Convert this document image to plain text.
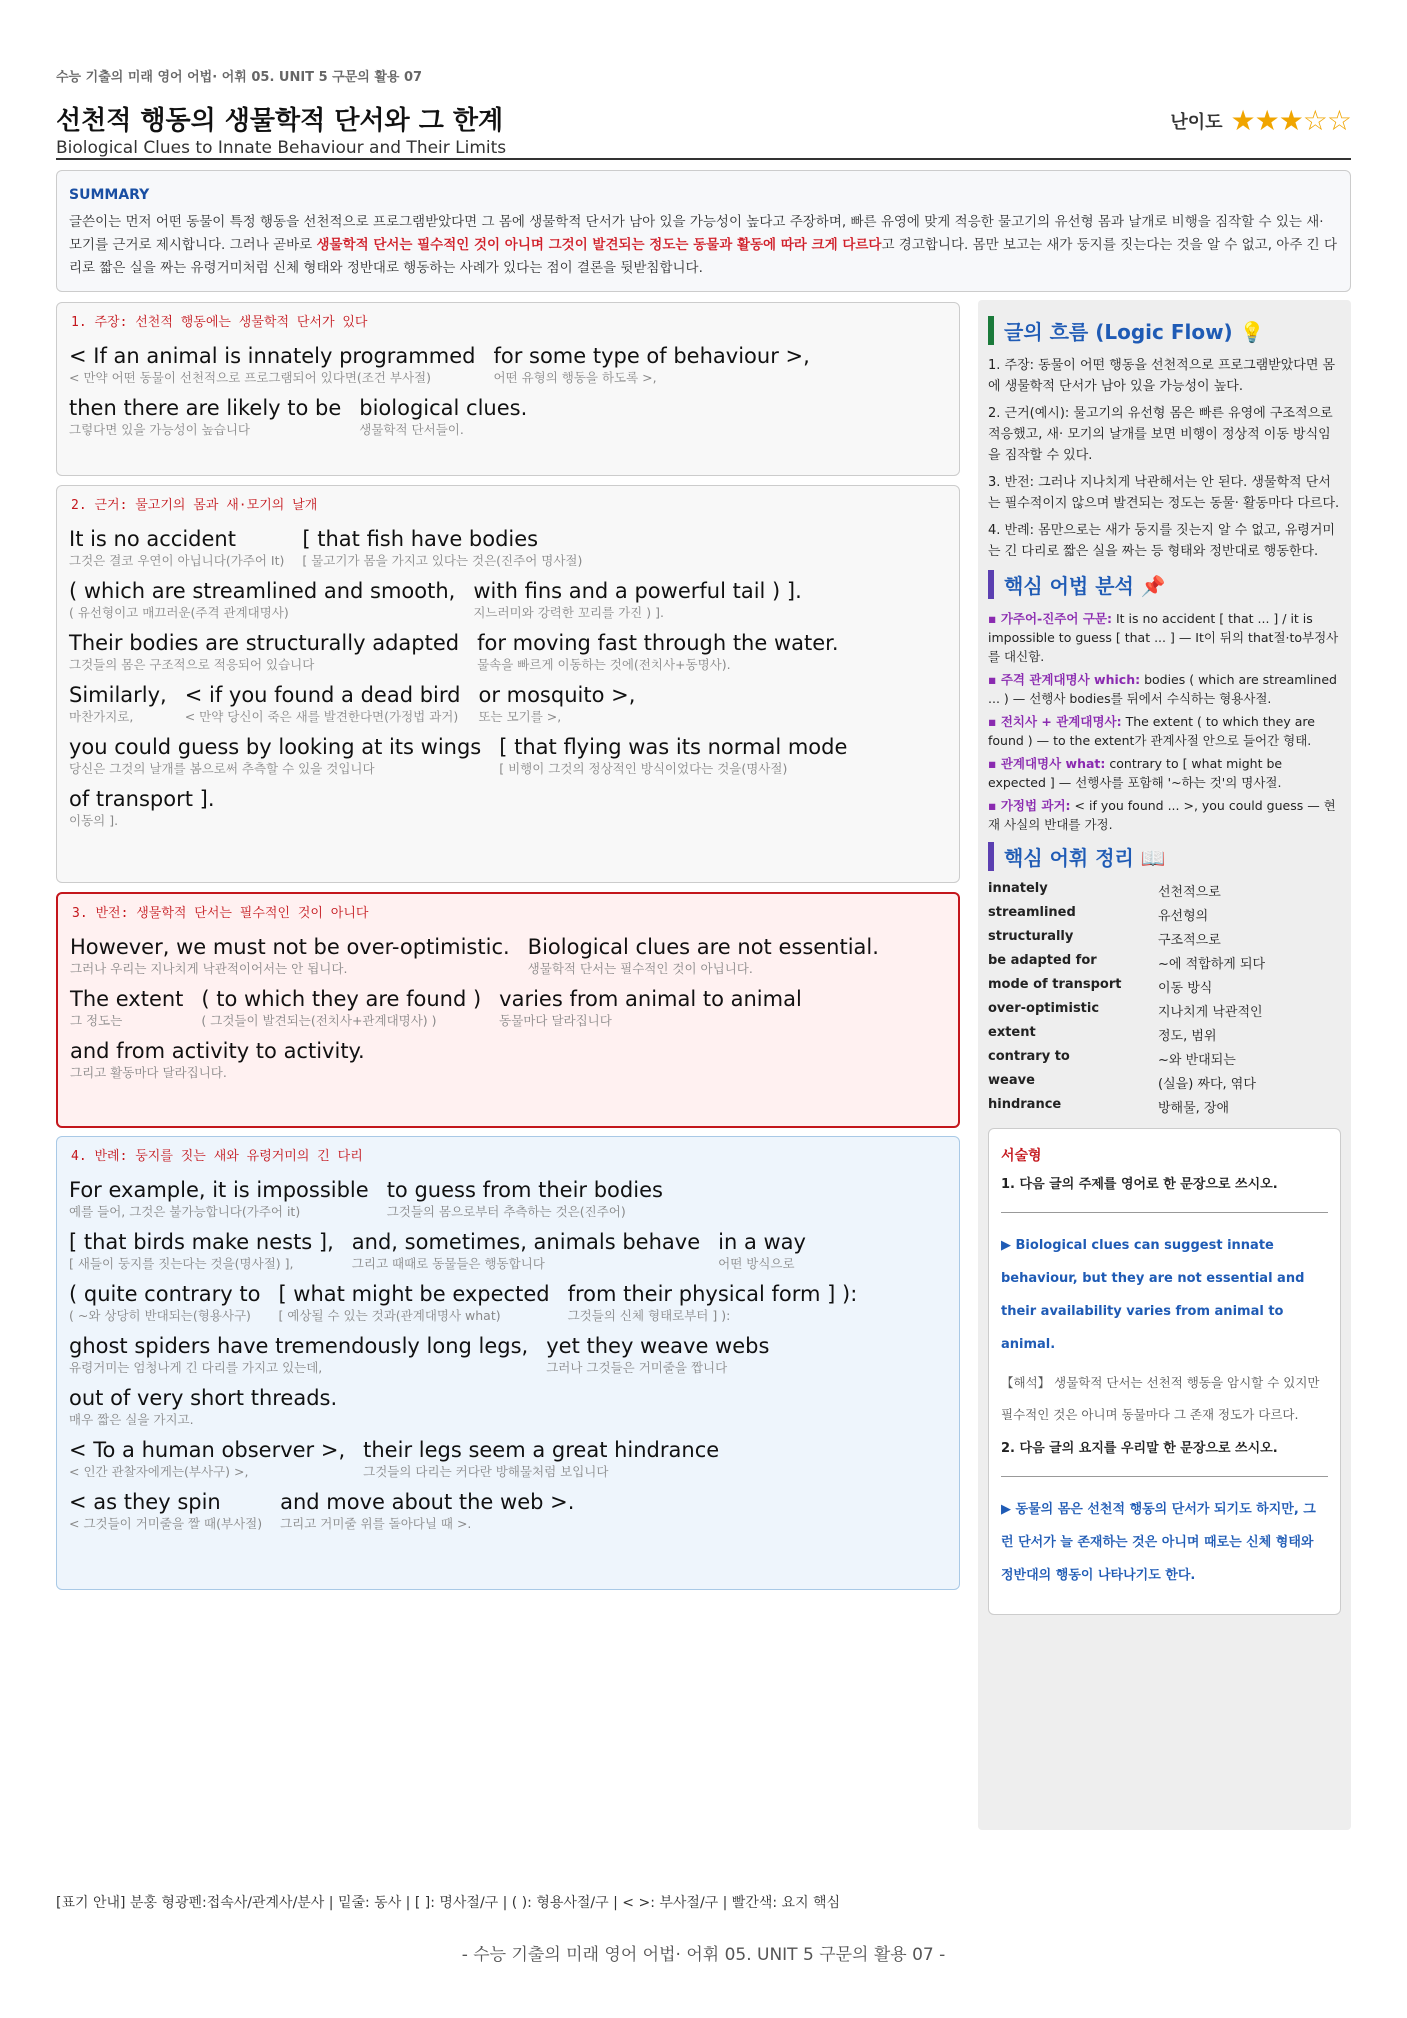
수능 기출의 미래 영어 어법· 어휘 05. UNIT 5 구문의 활용 07
선천적 행동의 생물학적 단서와 그 한계
Biological Clues to Innate Behaviour and Their Limits
난이도 ★★★☆☆
SUMMARY

글쓴이는 먼저 어떤 동물이 특정 행동을 선천적으로 프로그램받았다면 그 몸에 생물학적 단서가 남아 있을 가능성이 높다고 주장하며, 빠른 유영에 맞게 적응한 물고기의 유선형 몸과 날개로 비행을 짐작할 수 있는 새· 모기를 근거로 제시합니다. 그러나 곧바로 생물학적 단서는 필수적인 것이 아니며 그것이 발견되는 정도는 동물과 활동에 따라 크게 다르다고 경고합니다. 몸만 보고는 새가 둥지를 짓는다는 것을 알 수 없고, 아주 긴 다리로 짧은 실을 짜는 유령거미처럼 신체 형태와 정반대로 행동하는 사례가 있다는 점이 결론을 뒷받침합니다.

1. 주장: 선천적 행동에는 생물학적 단서가 있다
< If an animal is innately programmed
< 만약 어떤 동물이 선천적으로 프로그램되어 있다면(조건 부사절)
for some type of behaviour >,
어떤 유형의 행동을 하도록 >,
then there are likely to be
그렇다면 있을 가능성이 높습니다
biological clues.
생물학적 단서들이.
2. 근거: 물고기의 몸과 새·모기의 날개
It is no accident
그것은 결코 우연이 아닙니다(가주어 It)
[ that fish have bodies
[ 물고기가 몸을 가지고 있다는 것은(진주어 명사절)
( which are streamlined and smooth,
( 유선형이고 매끄러운(주격 관계대명사)
with fins and a powerful tail ) ].
지느러미와 강력한 꼬리를 가진 ) ].
Their bodies are structurally adapted
그것들의 몸은 구조적으로 적응되어 있습니다
for moving fast through the water.
물속을 빠르게 이동하는 것에(전치사+동명사).
Similarly,
마찬가지로,
< if you found a dead bird
< 만약 당신이 죽은 새를 발견한다면(가정법 과거)
or mosquito >,
또는 모기를 >,
you could guess by looking at its wings
당신은 그것의 날개를 봄으로써 추측할 수 있을 것입니다
[ that flying was its normal mode
[ 비행이 그것의 정상적인 방식이었다는 것을(명사절)
of transport ].
이동의 ].
3. 반전: 생물학적 단서는 필수적인 것이 아니다
However, we must not be over-optimistic.
그러나 우리는 지나치게 낙관적이어서는 안 됩니다.
Biological clues are not essential.
생물학적 단서는 필수적인 것이 아닙니다.
The extent
그 정도는
( to which they are found )
( 그것들이 발견되는(전치사+관계대명사) )
varies from animal to animal
동물마다 달라집니다
and from activity to activity.
그리고 활동마다 달라집니다.
4. 반례: 둥지를 짓는 새와 유령거미의 긴 다리
For example, it is impossible
예를 들어, 그것은 불가능합니다(가주어 it)
to guess from their bodies
그것들의 몸으로부터 추측하는 것은(진주어)
[ that birds make nests ],
[ 새들이 둥지를 짓는다는 것을(명사절) ],
and, sometimes, animals behave
그리고 때때로 동물들은 행동합니다
in a way
어떤 방식으로
( quite contrary to
( ~와 상당히 반대되는(형용사구)
[ what might be expected
[ 예상될 수 있는 것과(관계대명사 what)
from their physical form ] ):
그것들의 신체 형태로부터 ] ):
ghost spiders have tremendously long legs,
유령거미는 엄청나게 긴 다리를 가지고 있는데,
yet they weave webs
그러나 그것들은 거미줄을 짭니다
out of very short threads.
매우 짧은 실을 가지고.
< To a human observer >,
< 인간 관찰자에게는(부사구) >,
their legs seem a great hindrance
그것들의 다리는 커다란 방해물처럼 보입니다
< as they spin
< 그것들이 거미줄을 짤 때(부사절)
and move about the web >.
그리고 거미줄 위를 돌아다닐 때 >.
글의 흐름 (Logic Flow) 💡

1. 주장: 동물이 어떤 행동을 선천적으로 프로그램받았다면 몸에 생물학적 단서가 남아 있을 가능성이 높다.

2. 근거(예시): 물고기의 유선형 몸은 빠른 유영에 구조적으로 적응했고, 새· 모기의 날개를 보면 비행이 정상적 이동 방식임을 짐작할 수 있다.

3. 반전: 그러나 지나치게 낙관해서는 안 된다. 생물학적 단서는 필수적이지 않으며 발견되는 정도는 동물· 활동마다 다르다.

4. 반례: 몸만으로는 새가 둥지를 짓는지 알 수 없고, 유령거미는 긴 다리로 짧은 실을 짜는 등 형태와 정반대로 행동한다.

핵심 어법 분석 📌

▪ 가주어-진주어 구문: It is no accident [ that ... ] / it is impossible to guess [ that ... ] — It이 뒤의 that절·to부정사를 대신함.

▪ 주격 관계대명사 which: bodies ( which are streamlined ... ) — 선행사 bodies를 뒤에서 수식하는 형용사절.

▪ 전치사 + 관계대명사: The extent ( to which they are found ) — to the extent가 관계사절 안으로 들어간 형태.

▪ 관계대명사 what: contrary to [ what might be expected ] — 선행사를 포함해 '~하는 것'의 명사절.

▪ 가정법 과거: < if you found ... >, you could guess — 현재 사실의 반대를 가정.

핵심 어휘 정리 📖
innately	선천적으로
streamlined	유선형의
structurally	구조적으로
be adapted for	~에 적합하게 되다
mode of transport	이동 방식
over-optimistic	지나치게 낙관적인
extent	정도, 범위
contrary to	~와 반대되는
weave	(실을) 짜다, 엮다
hindrance	방해물, 장애
서술형
1. 다음 글의 주제를 영어로 한 문장으로 쓰시오.
▶ Biological clues can suggest innate behaviour, but they are not essential and their availability varies from animal to animal.
【해석】 생물학적 단서는 선천적 행동을 암시할 수 있지만 필수적인 것은 아니며 동물마다 그 존재 정도가 다르다.
2. 다음 글의 요지를 우리말 한 문장으로 쓰시오.
▶ 동물의 몸은 선천적 행동의 단서가 되기도 하지만, 그런 단서가 늘 존재하는 것은 아니며 때로는 신체 형태와 정반대의 행동이 나타나기도 한다.
[표기 안내] 분홍 형광펜:접속사/관계사/분사 | 밑줄: 동사 | [ ]: 명사절/구 | ( ): 형용사절/구 | < >: 부사절/구 | 빨간색: 요지 핵심
- 수능 기출의 미래 영어 어법· 어휘 05. UNIT 5 구문의 활용 07 -
